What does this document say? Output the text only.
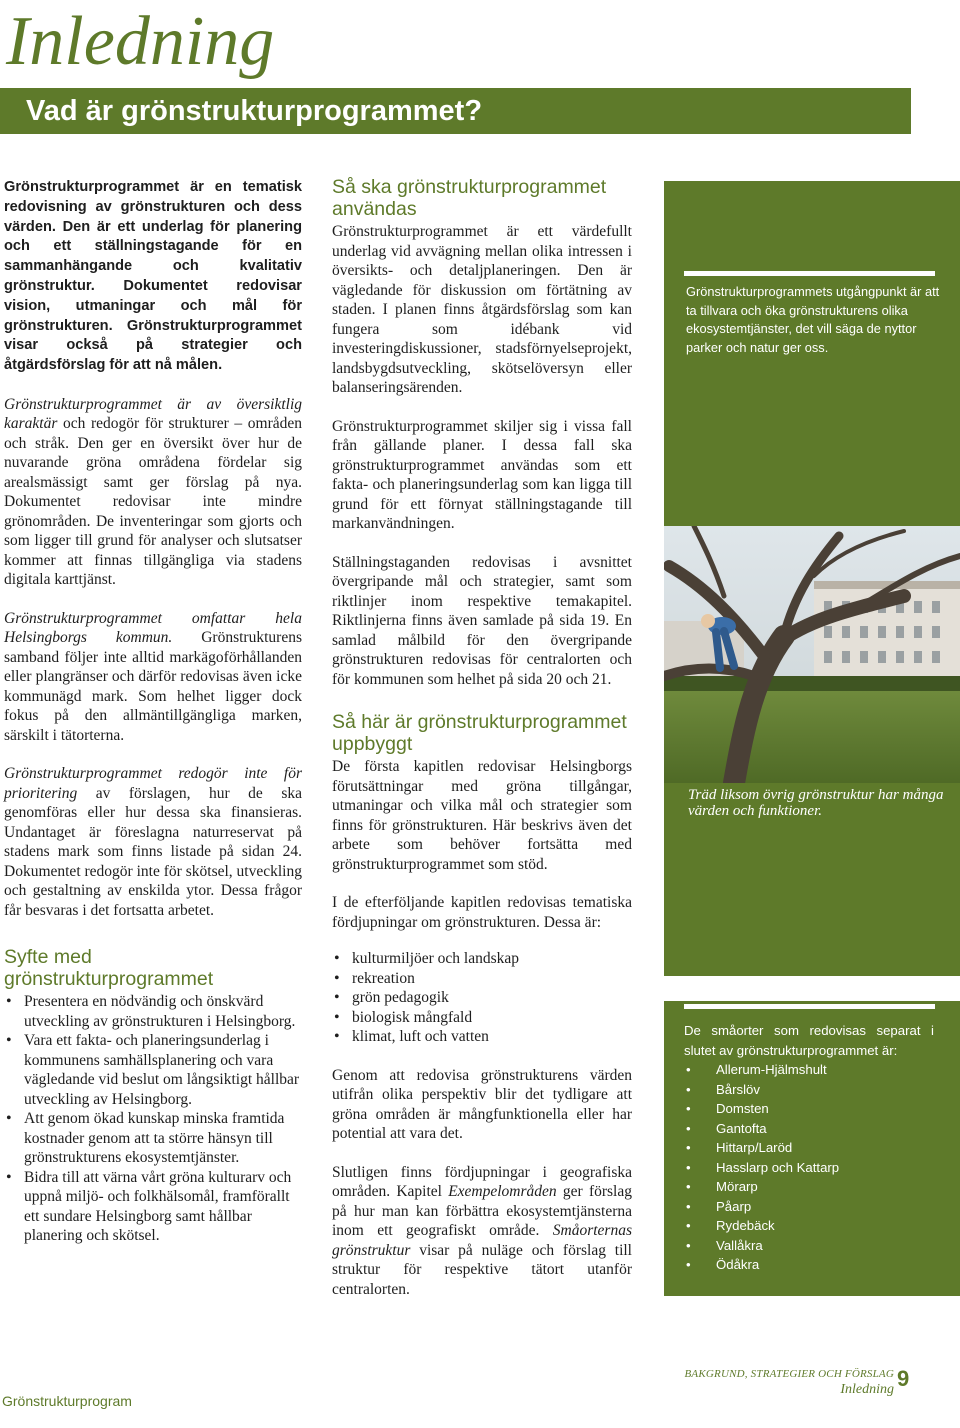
Inledning
Vad är grönstrukturprogrammet?

Grönstrukturprogrammet är en tematisk redovisning av grönstrukturen och dess värden. Den är ett underlag för planering och ett ställningstagande för en sammanhängande och kvalitativ grönstruktur. Dokumentet redovisar vision, utmaningar och mål för grönstrukturen. Grönstrukturprogrammet visar också på strategier och åtgärdsförslag för att nå målen.

Grönstrukturprogrammet är av översiktlig karaktär och redogör för strukturer – områden och stråk. Den ger en översikt över hur de nuvarande gröna områdena fördelar sig arealsmässigt samt ger förslag på nya. Dokumentet redovisar inte mindre grönområden. De inventeringar som gjorts och som ligger till grund för analyser och slutsatser kommer att finnas tillgängliga via stadens digitala karttjänst.

Grönstrukturprogrammet omfattar hela Helsingborgs kommun. Grönstrukturens samband följer inte alltid markägoförhållanden eller plangränser och därför redovisas även icke kommunägd mark. Som helhet ligger dock fokus på den allmäntillgängliga marken, särskilt i tätorterna.

Grönstrukturprogrammet redogör inte för prioritering av förslagen, hur de ska genomföras eller hur dessa ska finansieras. Undantaget är föreslagna naturreservat på stadens mark som finns listade på sidan 24. Dokumentet redogör inte för skötsel, utveckling och gestaltning av enskilda ytor. Dessa frågor får besvaras i det fortsatta arbetet.

Syfte med grönstrukturprogrammet
• Presentera en nödvändig och önskvärd utveckling av grönstrukturen i Helsingborg.
• Vara ett fakta- och planeringsunderlag i kommunens samhällsplanering och vara vägledande vid beslut om långsiktigt hållbar utveckling av Helsingborg.
• Att genom ökad kunskap minska framtida kostnader genom att ta större hänsyn till grönstrukturens ekosystemtjänster.
• Bidra till att värna vårt gröna kulturarv och uppnå miljö- och folkhälsomål, framförallt ett sundare Helsingborg samt hållbar planering och skötsel.
Så ska grönstrukturprogrammet användas

Grönstrukturprogrammet är ett värdefullt underlag vid avvägning mellan olika intressen i översikts- och detaljplaneringen. Den är vägledande för diskussion om förtätning av staden. I planen finns åtgärdsförslag som kan fungera som idébank vid investeringdiskussioner, stadsförnyelseprojekt, landsbygdsutveckling, skötselöversyn eller balanseringsärenden.

Grönstrukturprogrammet skiljer sig i vissa fall från gällande planer. I dessa fall ska grönstrukturprogrammet användas som ett fakta- och planeringsunderlag som kan ligga till grund för ett förnyat ställningstagande till markanvändningen.

Ställningstaganden redovisas i avsnittet övergripande mål och strategier, samt som riktlinjer inom respektive temakapitel. Riktlinjerna finns även samlade på sida 19. En samlad målbild för den övergripande grönstrukturen redovisas för centralorten och för kommunen som helhet på sida 20 och 21.

Så här är grönstrukturprogrammet uppbyggt

De första kapitlen redovisar Helsingborgs förutsättningar med gröna tillgångar, utmaningar och vilka mål och strategier som finns för grönstrukturen. Här beskrivs även det arbete som behöver fortsätta med grönstrukturprogrammet som stöd.

I de efterföljande kapitlen redovisas tematiska fördjupningar om grönstrukturen. Dessa är:

• kulturmiljöer och landskap
• rekreation
• grön pedagogik
• biologisk mångfald
• klimat, luft och vatten

Genom att redovisa grönstrukturens värden utifrån olika perspektiv blir det tydligare att gröna områden är mångfunktionella eller har potential att vara det.

Slutligen finns fördjupningar i geografiska områden. Kapitel Exempelområden ger förslag på hur man kan förbättra ekosystemtjänsterna inom ett geografiskt område. Småorternas grönstruktur visar på nuläge och förslag till struktur för respektive tätort utanför centralorten.

Grönstrukturprogrammets utgångpunkt är att ta tillvara och öka grönstrukturens olika ekosystemtjänster, det vill säga de nyttor parker och natur ger oss.

Träd liksom övrig grönstruktur har många värden och funktioner.

De småorter som redovisas separat i slutet av grönstrukturprogrammet är:

• Allerum-Hjälmshult
• Bårslöv
• Domsten
• Gantofta
• Hittarp/Laröd
• Hasslarp och Kattarp
• Mörarp
• Påarp
• Rydebäck
• Vallåkra
• Ödåkra
Grönstrukturprogram
BAKGRUND, STRATEGIER OCH FÖRSLAG
Inledning 9
